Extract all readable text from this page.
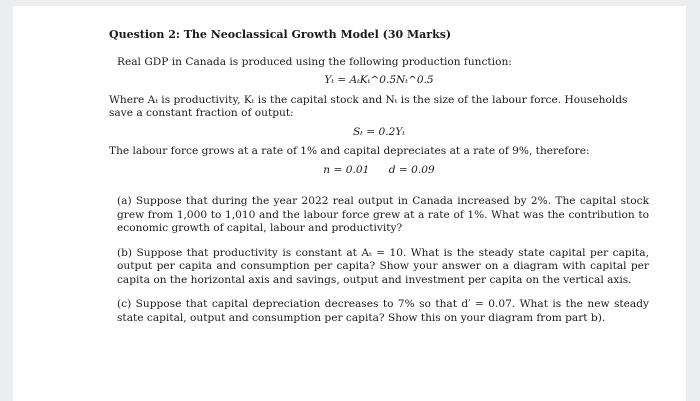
Question 2: The Neoclassical Growth Model (30 Marks)

Real GDP in Canada is produced using the following production function:

Yₜ = AₜKₜ^0.5Nₜ^0.5

Where Aₜ is productivity, Kₜ is the capital stock and Nₜ is the size of the labour force. Households save a constant fraction of output:

Sₜ = 0.2Yₜ

The labour force grows at a rate of 1% and capital depreciates at a rate of 9%, therefore:

n = 0.01 d = 0.09

(a) Suppose that during the year 2022 real output in Canada increased by 2%. The capital stock grew from 1,000 to 1,010 and the labour force grew at a rate of 1%. What was the contribution to economic growth of capital, labour and productivity?

(b) Suppose that productivity is constant at Aₜ = 10. What is the steady state capital per capita, output per capita and consumption per capita? Show your answer on a diagram with capital per capita on the horizontal axis and savings, output and investment per capita on the vertical axis.

(c) Suppose that capital depreciation decreases to 7% so that d′ = 0.07. What is the new steady state capital, output and consumption per capita? Show this on your diagram from part b).
